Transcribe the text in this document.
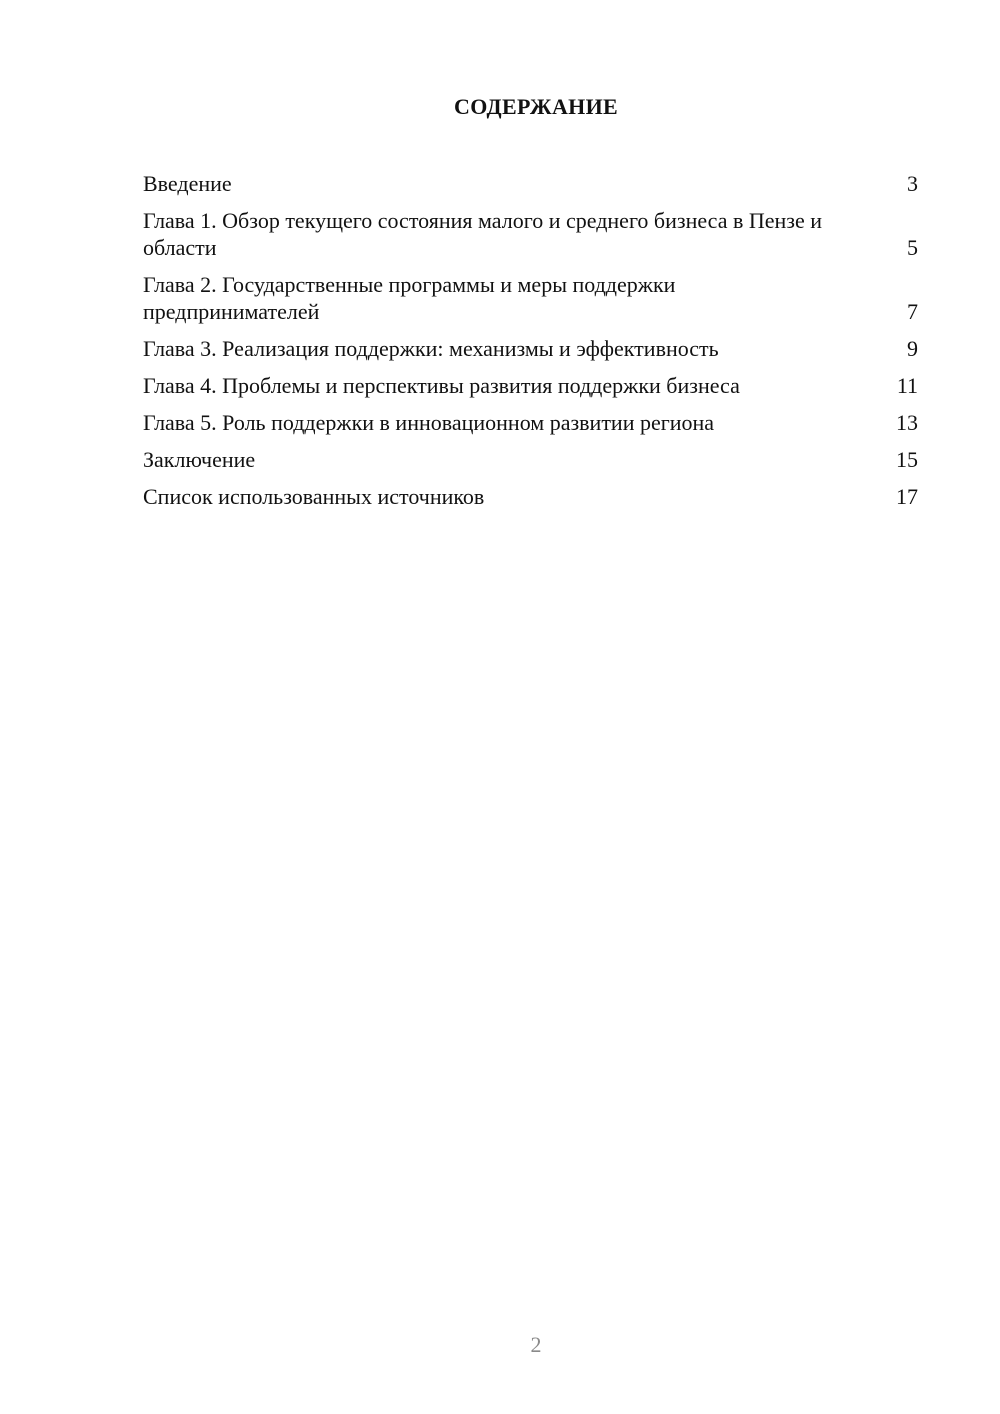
СОДЕРЖАНИЕ
Введение	3
Глава 1. Обзор текущего состояния малого и среднего бизнеса в Пензе и области	5
Глава 2. Государственные программы и меры поддержки предпринимателей	7
Глава 3. Реализация поддержки: механизмы и эффективность	9
Глава 4. Проблемы и перспективы развития поддержки бизнеса	11
Глава 5. Роль поддержки в инновационном развитии региона	13
Заключение	15
Список использованных источников	17
2
